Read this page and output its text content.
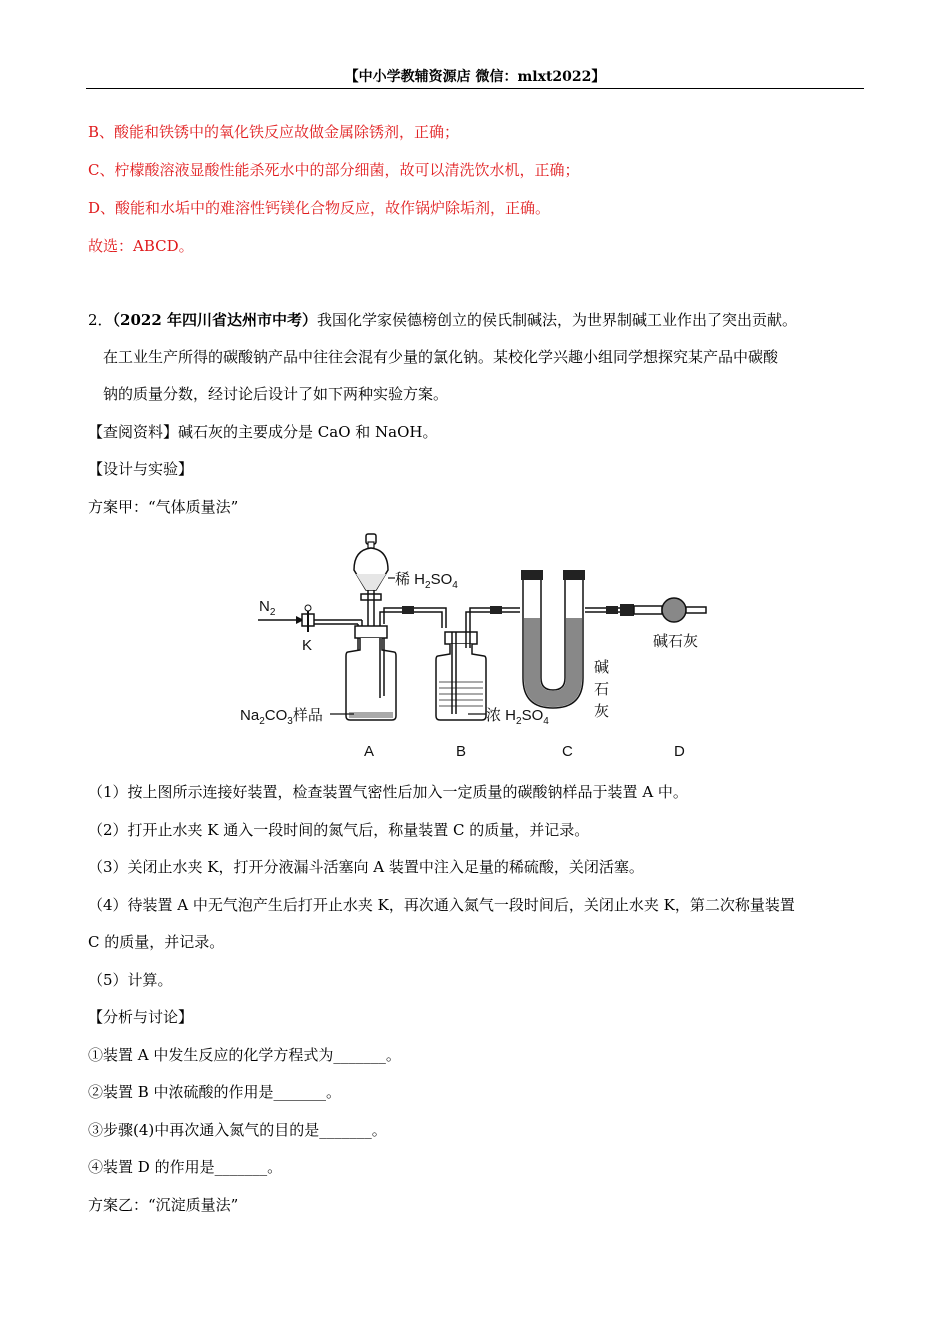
【中小学教辅资源店 微信：mlxt2022】
B、酸能和铁锈中的氧化铁反应故做金属除锈剂，正确；
C、柠檬酸溶液显酸性能杀死水中的部分细菌，故可以清洗饮水机，正确；
D、酸能和水垢中的难溶性钙镁化合物反应，故作锅炉除垢剂，正确。
故选：ABCD。
2．（2022 年四川省达州市中考）我国化学家侯德榜创立的侯氏制碱法，为世界制碱工业作出了突出贡献。
在工业生产所得的碳酸钠产品中往往会混有少量的氯化钠。某校化学兴趣小组同学想探究某产品中碳酸
钠的质量分数，经讨论后设计了如下两种实验方案。
【查阅资料】碱石灰的主要成分是 CaO 和 NaOH。
【设计与实验】
方案甲：“气体质量法”
$N_2$
K
稀 $H_2SO_4$
$Na_2CO_3$样品	浓 $H_2SO_4$
碱
石
灰
碱石灰
A	B	C	D
（1）按上图所示连接好装置，检查装置气密性后加入一定质量的碳酸钠样品于装置 A 中。
（2）打开止水夹 K 通入一段时间的氮气后，称量装置 C 的质量，并记录。
（3）关闭止水夹 K，打开分液漏斗活塞向 A 装置中注入足量的稀硫酸，关闭活塞。
（4）待装置 A 中无气泡产生后打开止水夹 K，再次通入氮气一段时间后，关闭止水夹 K，第二次称量装置
C 的质量，并记录。
（5）计算。
【分析与讨论】
①装置 A 中发生反应的化学方程式为_______。
②装置 B 中浓硫酸的作用是_______。
③步骤(4)中再次通入氮气的目的是_______。
④装置 D 的作用是_______。
方案乙：“沉淀质量法”
